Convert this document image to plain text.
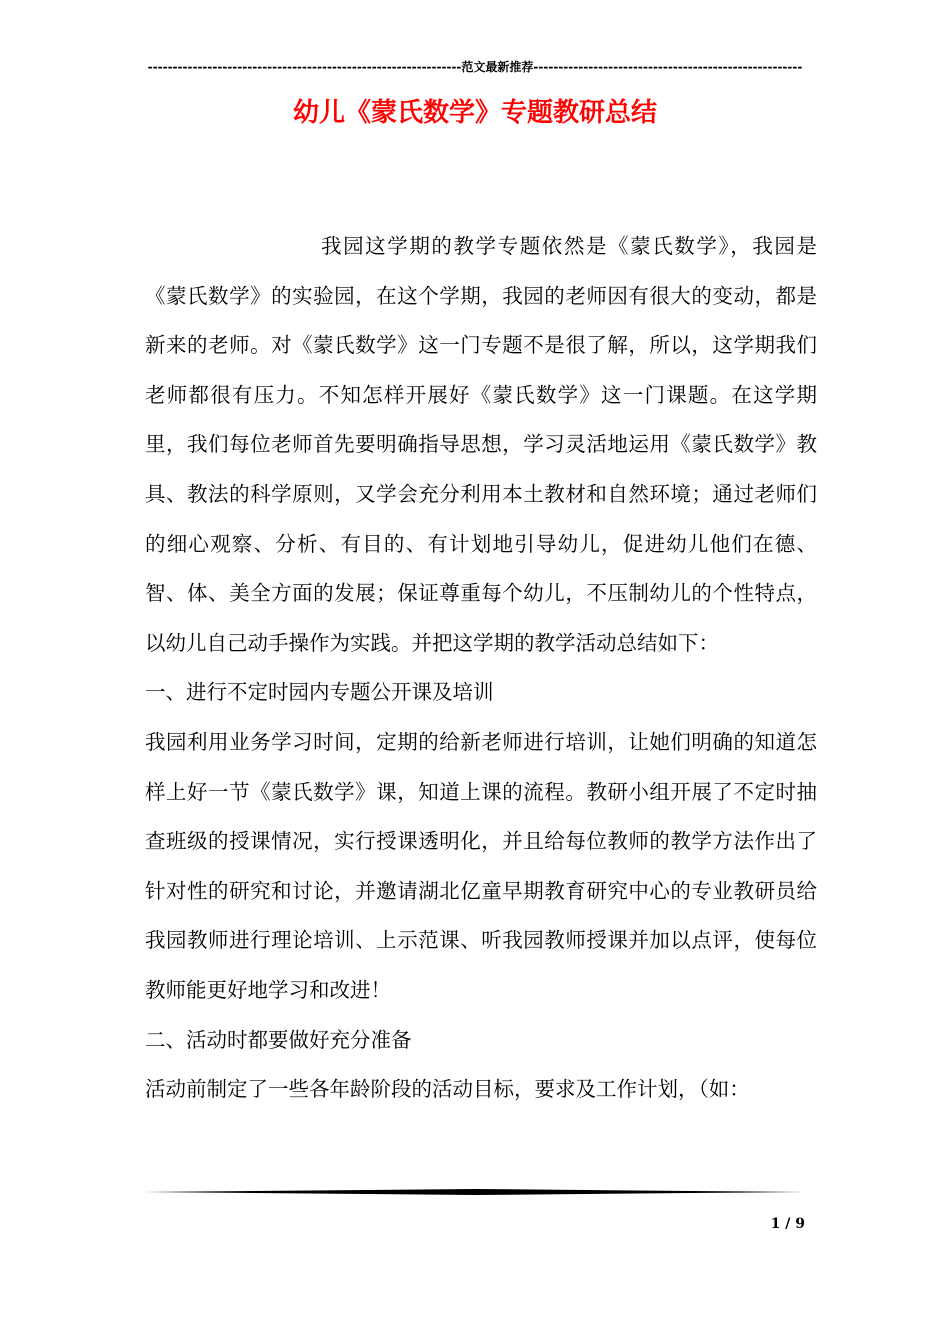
---------------------------------------------------------------范文最新推荐------------------------------------------------------
幼儿《蒙氏数学》专题教研总结

我园这学期的教学专题依然是《蒙氏数学》，我园是《蒙氏数学》的实验园，在这个学期，我园的老师因有很大的变动，都是新来的老师。对《蒙氏数学》这一门专题不是很了解，所以，这学期我们老师都很有压力。不知怎样开展好《蒙氏数学》这一门课题。在这学期里，我们每位老师首先要明确指导思想，学习灵活地运用《蒙氏数学》教具、教法的科学原则，又学会充分利用本土教材和自然环境；通过老师们的细心观察、分析、有目的、有计划地引导幼儿，促进幼儿他们在德、智、体、美全方面的发展；保证尊重每个幼儿，不压制幼儿的个性特点，以幼儿自己动手操作为实践。并把这学期的教学活动总结如下：

一、进行不定时园内专题公开课及培训

我园利用业务学习时间，定期的给新老师进行培训，让她们明确的知道怎样上好一节《蒙氏数学》课，知道上课的流程。教研小组开展了不定时抽查班级的授课情况，实行授课透明化，并且给每位教师的教学方法作出了针对性的研究和讨论，并邀请湖北亿童早期教育研究中心的专业教研员给我园教师进行理论培训、上示范课、听我园教师授课并加以点评，使每位教师能更好地学习和改进！

二、活动时都要做好充分准备

活动前制定了一些各年龄阶段的活动目标，要求及工作计划，（如：

1 / 9
